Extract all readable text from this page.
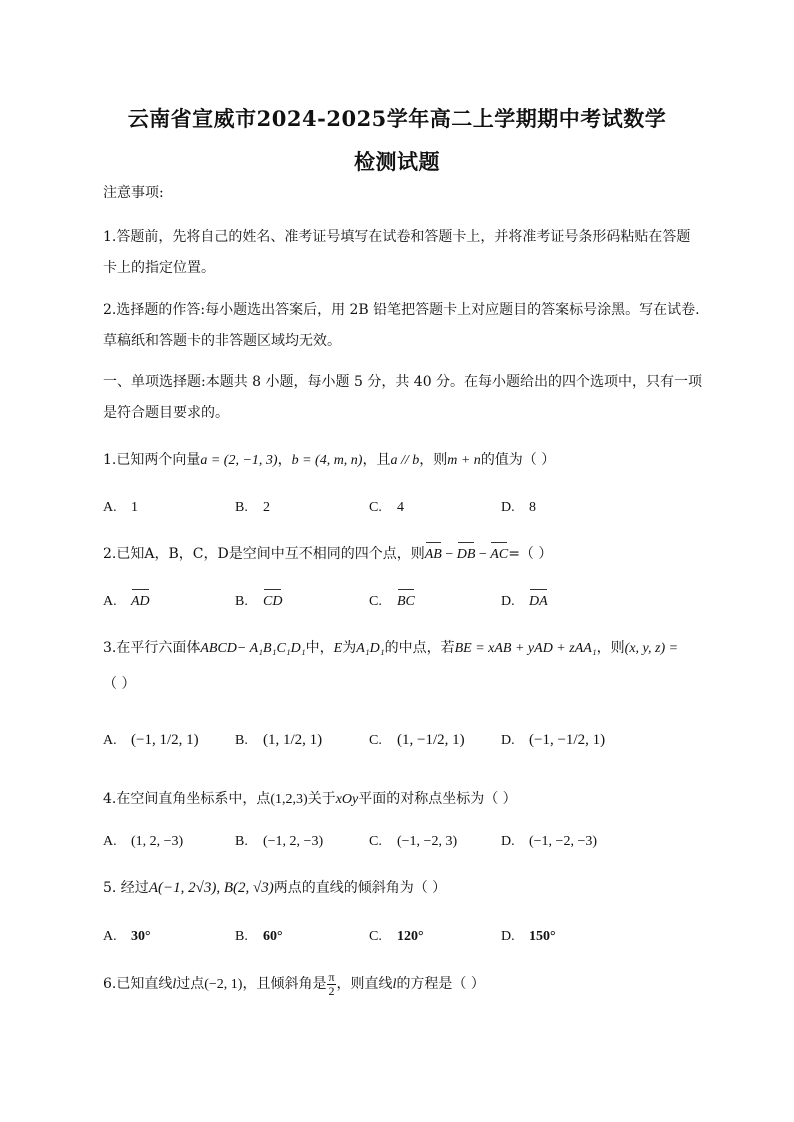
云南省宣威市2024-2025学年高二上学期期中考试数学
检测试题
注意事项:
1.答题前，先将自己的姓名、准考证号填写在试卷和答题卡上，并将准考证号条形码粘贴在答题
卡上的指定位置。
2.选择题的作答:每小题选出答案后，用 2B 铅笔把答题卡上对应题目的答案标号涂黑。写在试卷.
草稿纸和答题卡的非答题区域均无效。
一、单项选择题:本题共 8 小题，每小题 5 分，共 40 分。在每小题给出的四个选项中，只有一项
是符合题目要求的。
1.已知两个向量a = (2, −1, 3)，b = (4, m, n)，且a // b，则m + n的值为（ ）
A. 1	B. 2	C. 4	D. 8
2.已知A，B，C，D是空间中互不相同的四个点，则AB − DB − AC=（ ）
A. AD	B. CD	C. BC	D. DA
3.在平行六面体ABCD− A₁B₁C₁D₁中，E为A₁D₁的中点，若BE = xAB + yAD + zAA₁，则(x, y, z) =
（ ）
A. (−1, 1/2, 1)	B. (1, 1/2, 1)	C. (1, −1/2, 1)	D. (−1, −1/2, 1)
4.在空间直角坐标系中，点(1,2,3)关于xOy平面的对称点坐标为（ ）
A. (1, 2, −3)	B. (−1, 2, −3)	C. (−1, −2, 3)	D. (−1, −2, −3)
5. 经过A(−1, 2√3), B(2, √3)两点的直线的倾斜角为（ ）
A. 30°	B. 60°	C. 120°	D. 150°
6.已知直线l过点(−2, 1)，且倾斜角是 $\frac{\pi}{2}$ ，则直线l的方程是（ ）
